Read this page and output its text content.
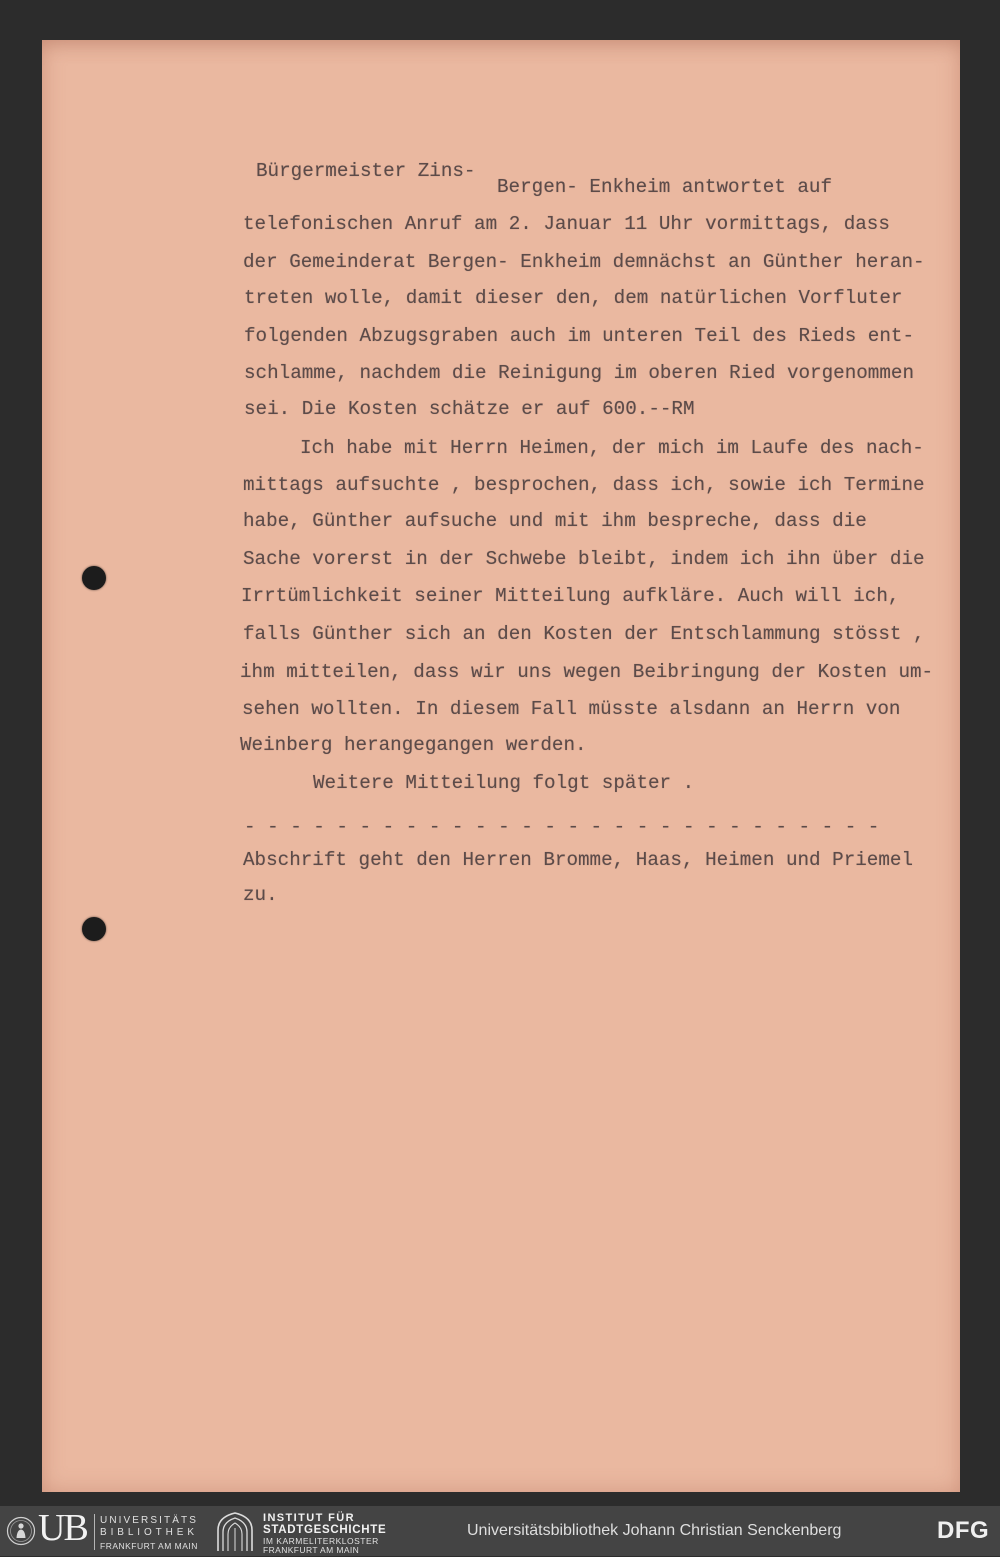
Bürgermeister Zins-
Bergen- Enkheim antwortet auf
telefonischen Anruf am 2. Januar 11 Uhr vormittags, dass
der Gemeinderat Bergen- Enkheim demnächst an Günther heran-
treten wolle, damit dieser den, dem natürlichen Vorfluter
folgenden Abzugsgraben auch im unteren Teil des Rieds ent-
schlamme, nachdem die Reinigung im oberen Ried vorgenommen
sei. Die Kosten schätze er auf 600.--RM
Ich habe mit Herrn Heimen, der mich im Laufe des nach-
mittags aufsuchte , besprochen, dass ich, sowie ich Termine
habe, Günther aufsuche und mit ihm bespreche, dass die
Sache vorerst in der Schwebe bleibt, indem ich ihn über die
Irrtümlichkeit seiner Mitteilung aufkläre. Auch will ich,
falls Günther sich an den Kosten der Entschlammung stösst ,
ihm mitteilen, dass wir uns wegen Beibringung der Kosten um-
sehen wollten. In diesem Fall müsste alsdann an Herrn von
Weinberg herangegangen werden.
Weitere Mitteilung folgt später .
- - - - - - - - - - - - - - - - - - - - - - - - - - - -
Abschrift geht den Herren Bromme, Haas, Heimen und Priemel
zu.
UB UNIVERSITÄTS
BIBLIOTHEK
FRANKFURT AM MAIN
INSTITUT FÜR
STADTGESCHICHTE
IM KARMELITERKLOSTER
FRANKFURT AM MAIN
Universitätsbibliothek Johann Christian Senckenberg	DFG
